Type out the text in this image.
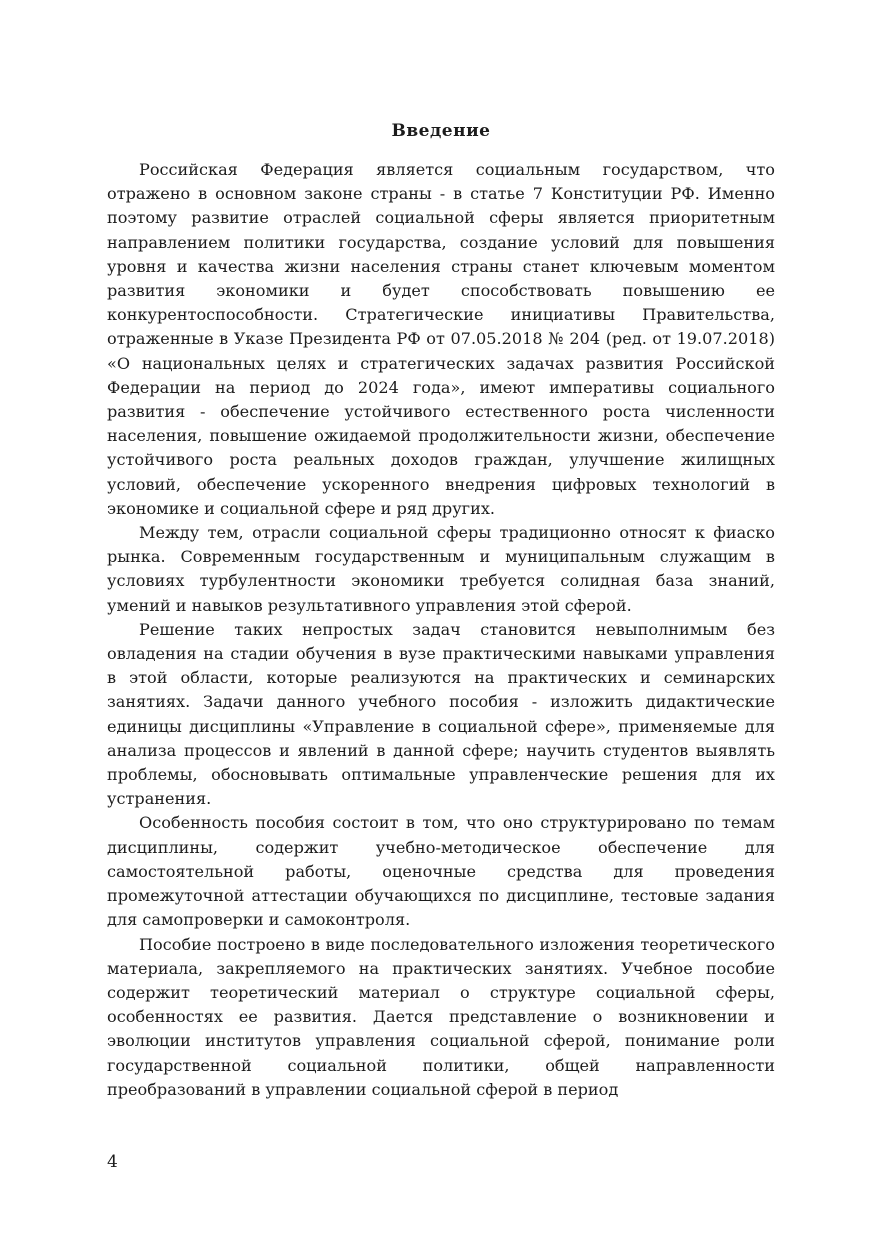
Введение

Российская Федерация является социальным государством, что отражено в основном законе страны - в статье 7 Конституции РФ. Именно поэтому развитие отраслей социальной сферы является приоритетным направлением политики государства, создание условий для повышения уровня и качества жизни населения страны станет ключевым моментом развития экономики и будет способствовать повышению ее конкурентоспособности. Стратегические инициативы Правительства, отраженные в Указе Президента РФ от 07.05.2018 № 204 (ред. от 19.07.2018) «О национальных целях и стратегических задачах развития Российской Федерации на период до 2024 года», имеют императивы социального развития - обеспечение устойчивого естественного роста численности населения, повышение ожидаемой продолжительности жизни, обеспечение устойчивого роста реальных доходов граждан, улучшение жилищных условий, обеспечение ускоренного внедрения цифровых технологий в экономике и социальной сфере и ряд других.

Между тем, отрасли социальной сферы традиционно относят к фиаско рынка. Современным государственным и муниципальным служащим в условиях турбулентности экономики требуется солидная база знаний, умений и навыков результативного управления этой сферой.

Решение таких непростых задач становится невыполнимым без овладения на стадии обучения в вузе практическими навыками управления в этой области, которые реализуются на практических и семинарских занятиях. Задачи данного учебного пособия - изложить дидактические единицы дисциплины «Управление в социальной сфере», применяемые для анализа процессов и явлений в данной сфере; научить студентов выявлять проблемы, обосновывать оптимальные управленческие решения для их устранения.

Особенность пособия состоит в том, что оно структурировано по темам дисциплины, содержит учебно-методическое обеспечение для самостоятельной работы, оценочные средства для проведения промежуточной аттестации обучающихся по дисциплине, тестовые задания для самопроверки и самоконтроля.

Пособие построено в виде последовательного изложения теоретического материала, закрепляемого на практических занятиях. Учебное пособие содержит теоретический материал о структуре социальной сферы, особенностях ее развития. Дается представление о возникновении и эволюции институтов управления социальной сферой, понимание роли государственной социальной политики, общей направленности преобразований в управлении социальной сферой в период

4
